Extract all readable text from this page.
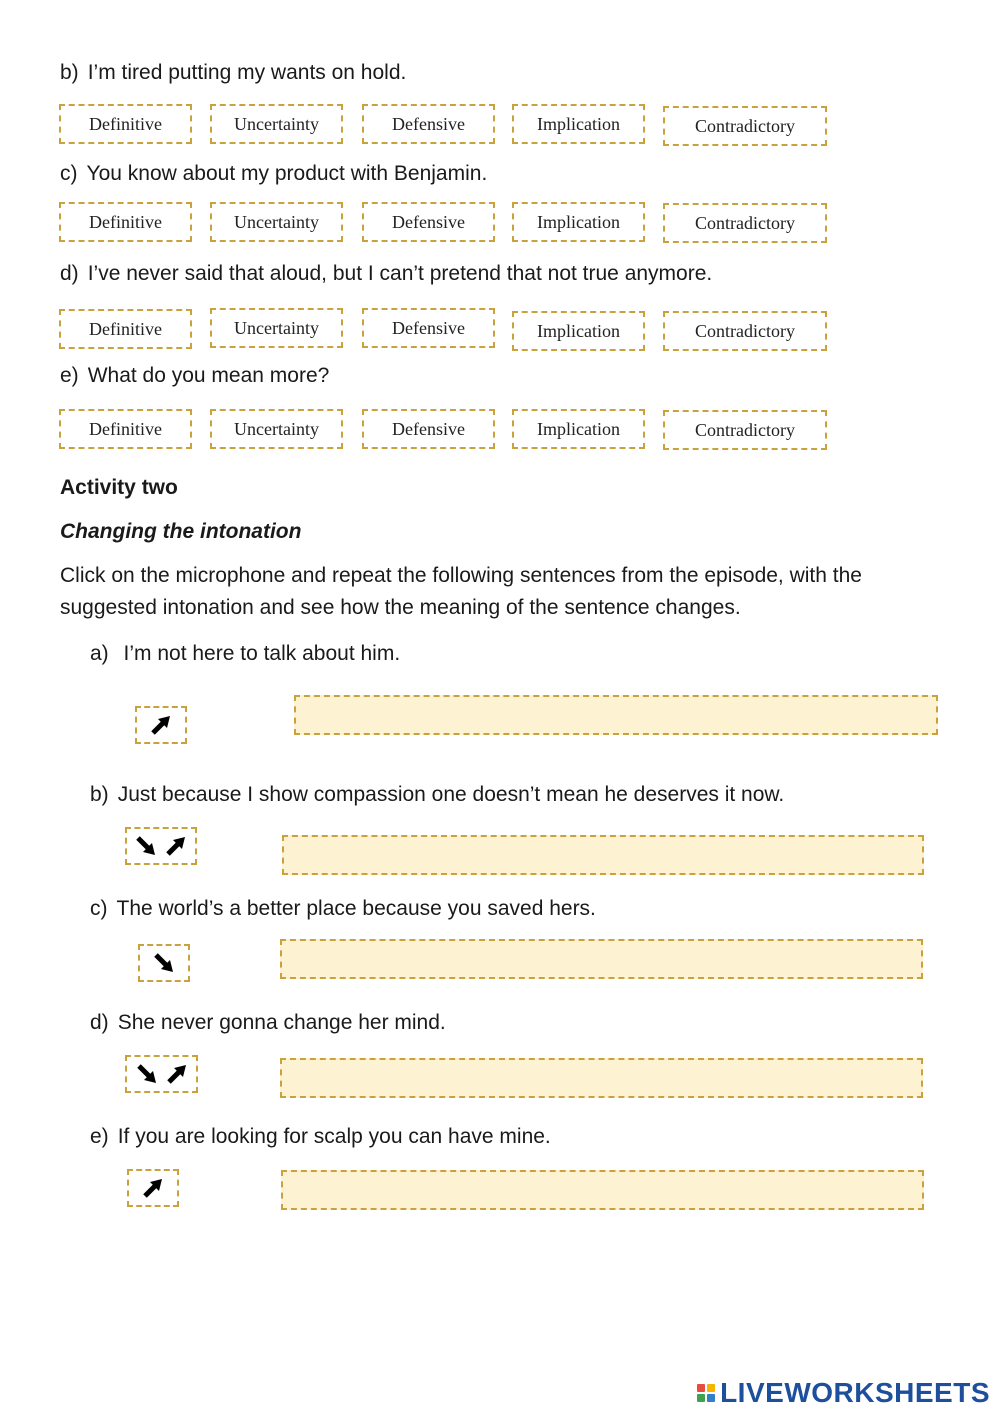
b) I’m tired putting my wants on hold.
Definitive	Uncertainty	Defensive	Implication	Contradictory
c) You know about my product with Benjamin.
Definitive	Uncertainty	Defensive	Implication	Contradictory
d) I’ve never said that aloud, but I can’t pretend that not true anymore.
Definitive	Uncertainty	Defensive	Implication	Contradictory
e) What do you mean more?
Definitive	Uncertainty	Defensive	Implication	Contradictory
Activity two
Changing the intonation
Click on the microphone and repeat the following sentences from the episode, with the suggested intonation and see how the meaning of the sentence changes.
a) I’m not here to talk about him.
b) Just because I show compassion one doesn’t mean he deserves it now.
c) The world’s a better place because you saved hers.
d) She never gonna change her mind.
e) If you are looking for scalp you can have mine.
LIVEWORKSHEETS
